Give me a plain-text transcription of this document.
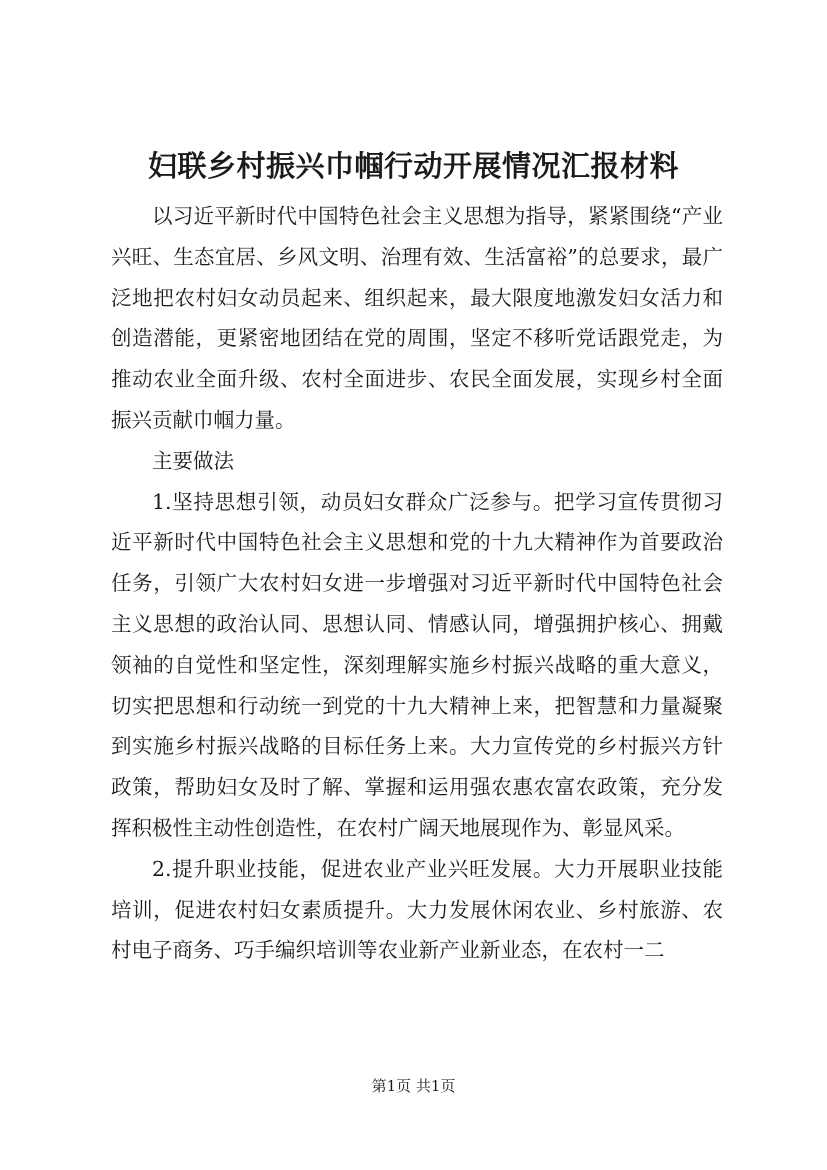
妇联乡村振兴巾帼行动开展情况汇报材料

以习近平新时代中国特色社会主义思想为指导，紧紧围绕“产业兴旺、生态宜居、乡风文明、治理有效、生活富裕”的总要求，最广泛地把农村妇女动员起来、组织起来，最大限度地激发妇女活力和创造潜能，更紧密地团结在党的周围，坚定不移听党话跟党走，为推动农业全面升级、农村全面进步、农民全面发展，实现乡村全面振兴贡献巾帼力量。

主要做法

1.坚持思想引领，动员妇女群众广泛参与。把学习宣传贯彻习近平新时代中国特色社会主义思想和党的十九大精神作为首要政治任务，引领广大农村妇女进一步增强对习近平新时代中国特色社会主义思想的政治认同、思想认同、情感认同，增强拥护核心、拥戴领袖的自觉性和坚定性，深刻理解实施乡村振兴战略的重大意义，切实把思想和行动统一到党的十九大精神上来，把智慧和力量凝聚到实施乡村振兴战略的目标任务上来。大力宣传党的乡村振兴方针政策，帮助妇女及时了解、掌握和运用强农惠农富农政策，充分发挥积极性主动性创造性，在农村广阔天地展现作为、彰显风采。

2.提升职业技能，促进农业产业兴旺发展。大力开展职业技能培训，促进农村妇女素质提升。大力发展休闲农业、乡村旅游、农村电子商务、巧手编织培训等农业新产业新业态，在农村一二

第1页 共1页
